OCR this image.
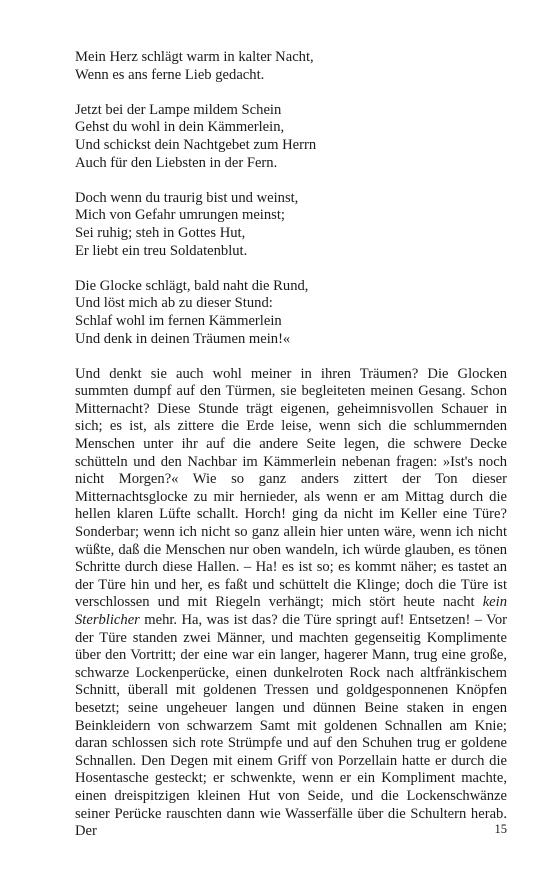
Mein Herz schlägt warm in kalter Nacht,
Wenn es ans ferne Lieb gedacht.
Jetzt bei der Lampe mildem Schein
Gehst du wohl in dein Kämmerlein,
Und schickst dein Nachtgebet zum Herrn
Auch für den Liebsten in der Fern.
Doch wenn du traurig bist und weinst,
Mich von Gefahr umrungen meinst;
Sei ruhig; steh in Gottes Hut,
Er liebt ein treu Soldatenblut.
Die Glocke schlägt, bald naht die Rund,
Und löst mich ab zu dieser Stund:
Schlaf wohl im fernen Kämmerlein
Und denk in deinen Träumen mein!«

Und denkt sie auch wohl meiner in ihren Träumen? Die Glocken summten dumpf auf den Türmen, sie begleiteten meinen Gesang. Schon Mitternacht? Diese Stunde trägt eigenen, geheimnisvollen Schauer in sich; es ist, als zittere die Erde leise, wenn sich die schlummernden Menschen unter ihr auf die andere Seite legen, die schwere Decke schütteln und den Nachbar im Kämmerlein nebenan fragen: »Ist's noch nicht Morgen?« Wie so ganz anders zittert der Ton dieser Mitternachtsglocke zu mir hernieder, als wenn er am Mittag durch die hellen klaren Lüfte schallt. Horch! ging da nicht im Keller eine Türe? Sonderbar; wenn ich nicht so ganz allein hier unten wäre, wenn ich nicht wüßte, daß die Menschen nur oben wandeln, ich würde glauben, es tönen Schritte durch diese Hallen. – Ha! es ist so; es kommt näher; es tastet an der Türe hin und her, es faßt und schüttelt die Klinge; doch die Türe ist verschlossen und mit Riegeln verhängt; mich stört heute nacht kein Sterblicher mehr. Ha, was ist das? die Türe springt auf! Entsetzen! – Vor der Türe standen zwei Männer, und machten gegenseitig Komplimente über den Vortritt; der eine war ein langer, hagerer Mann, trug eine große, schwarze Lockenperücke, einen dunkelroten Rock nach altfränkischem Schnitt, überall mit goldenen Tressen und goldgesponnenen Knöpfen besetzt; seine ungeheuer langen und dünnen Beine staken in engen Beinkleidern von schwarzem Samt mit goldenen Schnallen am Knie; daran schlossen sich rote Strümpfe und auf den Schuhen trug er goldene Schnallen. Den Degen mit einem Griff von Porzellain hatte er durch die Hosentasche gesteckt; er schwenkte, wenn er ein Kompliment machte, einen dreispitzigen kleinen Hut von Seide, und die Lockenschwänze seiner Perücke rauschten dann wie Wasserfälle über die Schultern herab. Der	15
